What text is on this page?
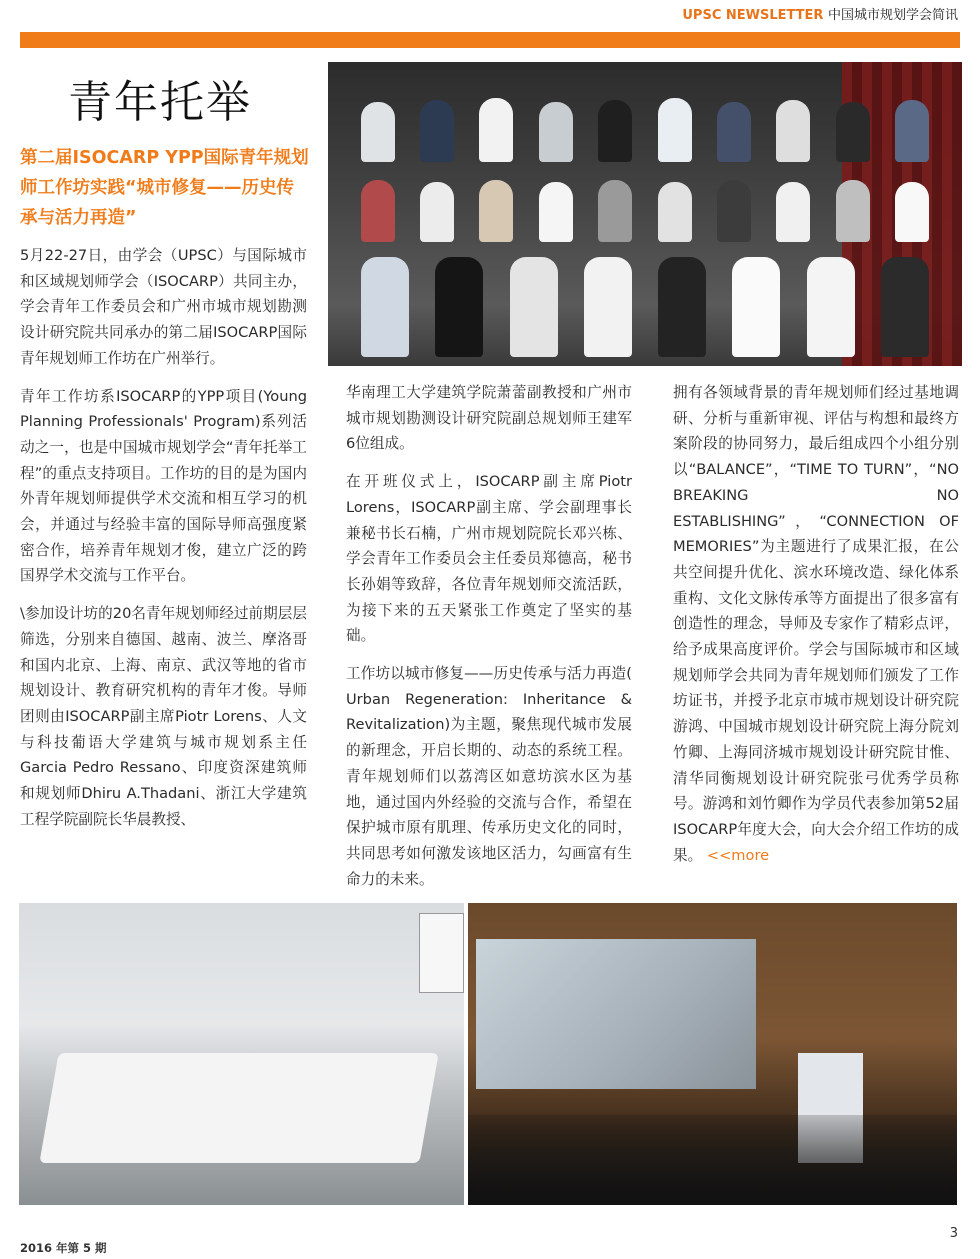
UPSC NEWSLETTER 中国城市规划学会简讯
青年托举
第二届ISOCARP YPP国际青年规划师工作坊实践“城市修复——历史传承与活力再造”

5月22-27日，由学会（UPSC）与国际城市和区域规划师学会（ISOCARP）共同主办，学会青年工作委员会和广州市城市规划勘测设计研究院共同承办的第二届ISOCARP国际青年规划师工作坊在广州举行。

青年工作坊系ISOCARP的YPP项目(Young Planning Professionals' Program)系列活动之一，也是中国城市规划学会“青年托举工程”的重点支持项目。工作坊的目的是为国内外青年规划师提供学术交流和相互学习的机会，并通过与经验丰富的国际导师高强度紧密合作，培养青年规划才俊，建立广泛的跨国界学术交流与工作平台。

\参加设计坊的20名青年规划师经过前期层层筛选，分别来自德国、越南、波兰、摩洛哥和国内北京、上海、南京、武汉等地的省市规划设计、教育研究机构的青年才俊。导师团则由ISOCARP副主席Piotr Lorens、人文与科技葡语大学建筑与城市规划系主任Garcia Pedro Ressano、印度资深建筑师和规划师Dhiru A.Thadani、浙江大学建筑工程学院副院长华晨教授、

华南理工大学建筑学院萧蕾副教授和广州市城市规划勘测设计研究院副总规划师王建军6位组成。

在开班仪式上，ISOCARP副主席Piotr Lorens，ISOCARP副主席、学会副理事长兼秘书长石楠，广州市规划院院长邓兴栋、学会青年工作委员会主任委员郑德高，秘书长孙娟等致辞，各位青年规划师交流活跃，为接下来的五天紧张工作奠定了坚实的基础。

工作坊以城市修复——历史传承与活力再造( Urban Regeneration: Inheritance & Revitalization)为主题，聚焦现代城市发展的新理念，开启长期的、动态的系统工程。青年规划师们以荔湾区如意坊滨水区为基地，通过国内外经验的交流与合作，希望在保护城市原有肌理、传承历史文化的同时，共同思考如何激发该地区活力，勾画富有生命力的未来。

拥有各领域背景的青年规划师们经过基地调研、分析与重新审视、评估与构想和最终方案阶段的协同努力，最后组成四个小组分别以“BALANCE”，“TIME TO TURN”，“NO BREAKING NO ESTABLISHING”，“CONNECTION OF MEMORIES”为主题进行了成果汇报，在公共空间提升优化、滨水环境改造、绿化体系重构、文化文脉传承等方面提出了很多富有创造性的理念，导师及专家作了精彩点评，给予成果高度评价。学会与国际城市和区域规划师学会共同为青年规划师们颁发了工作坊证书，并授予北京市城市规划设计研究院游鸿、中国城市规划设计研究院上海分院刘竹卿、上海同济城市规划设计研究院甘惟、清华同衡规划设计研究院张弓优秀学员称号。游鸿和刘竹卿作为学员代表参加第52届ISOCARP年度大会，向大会介绍工作坊的成果。 <<more

3
2016 年第 5 期
